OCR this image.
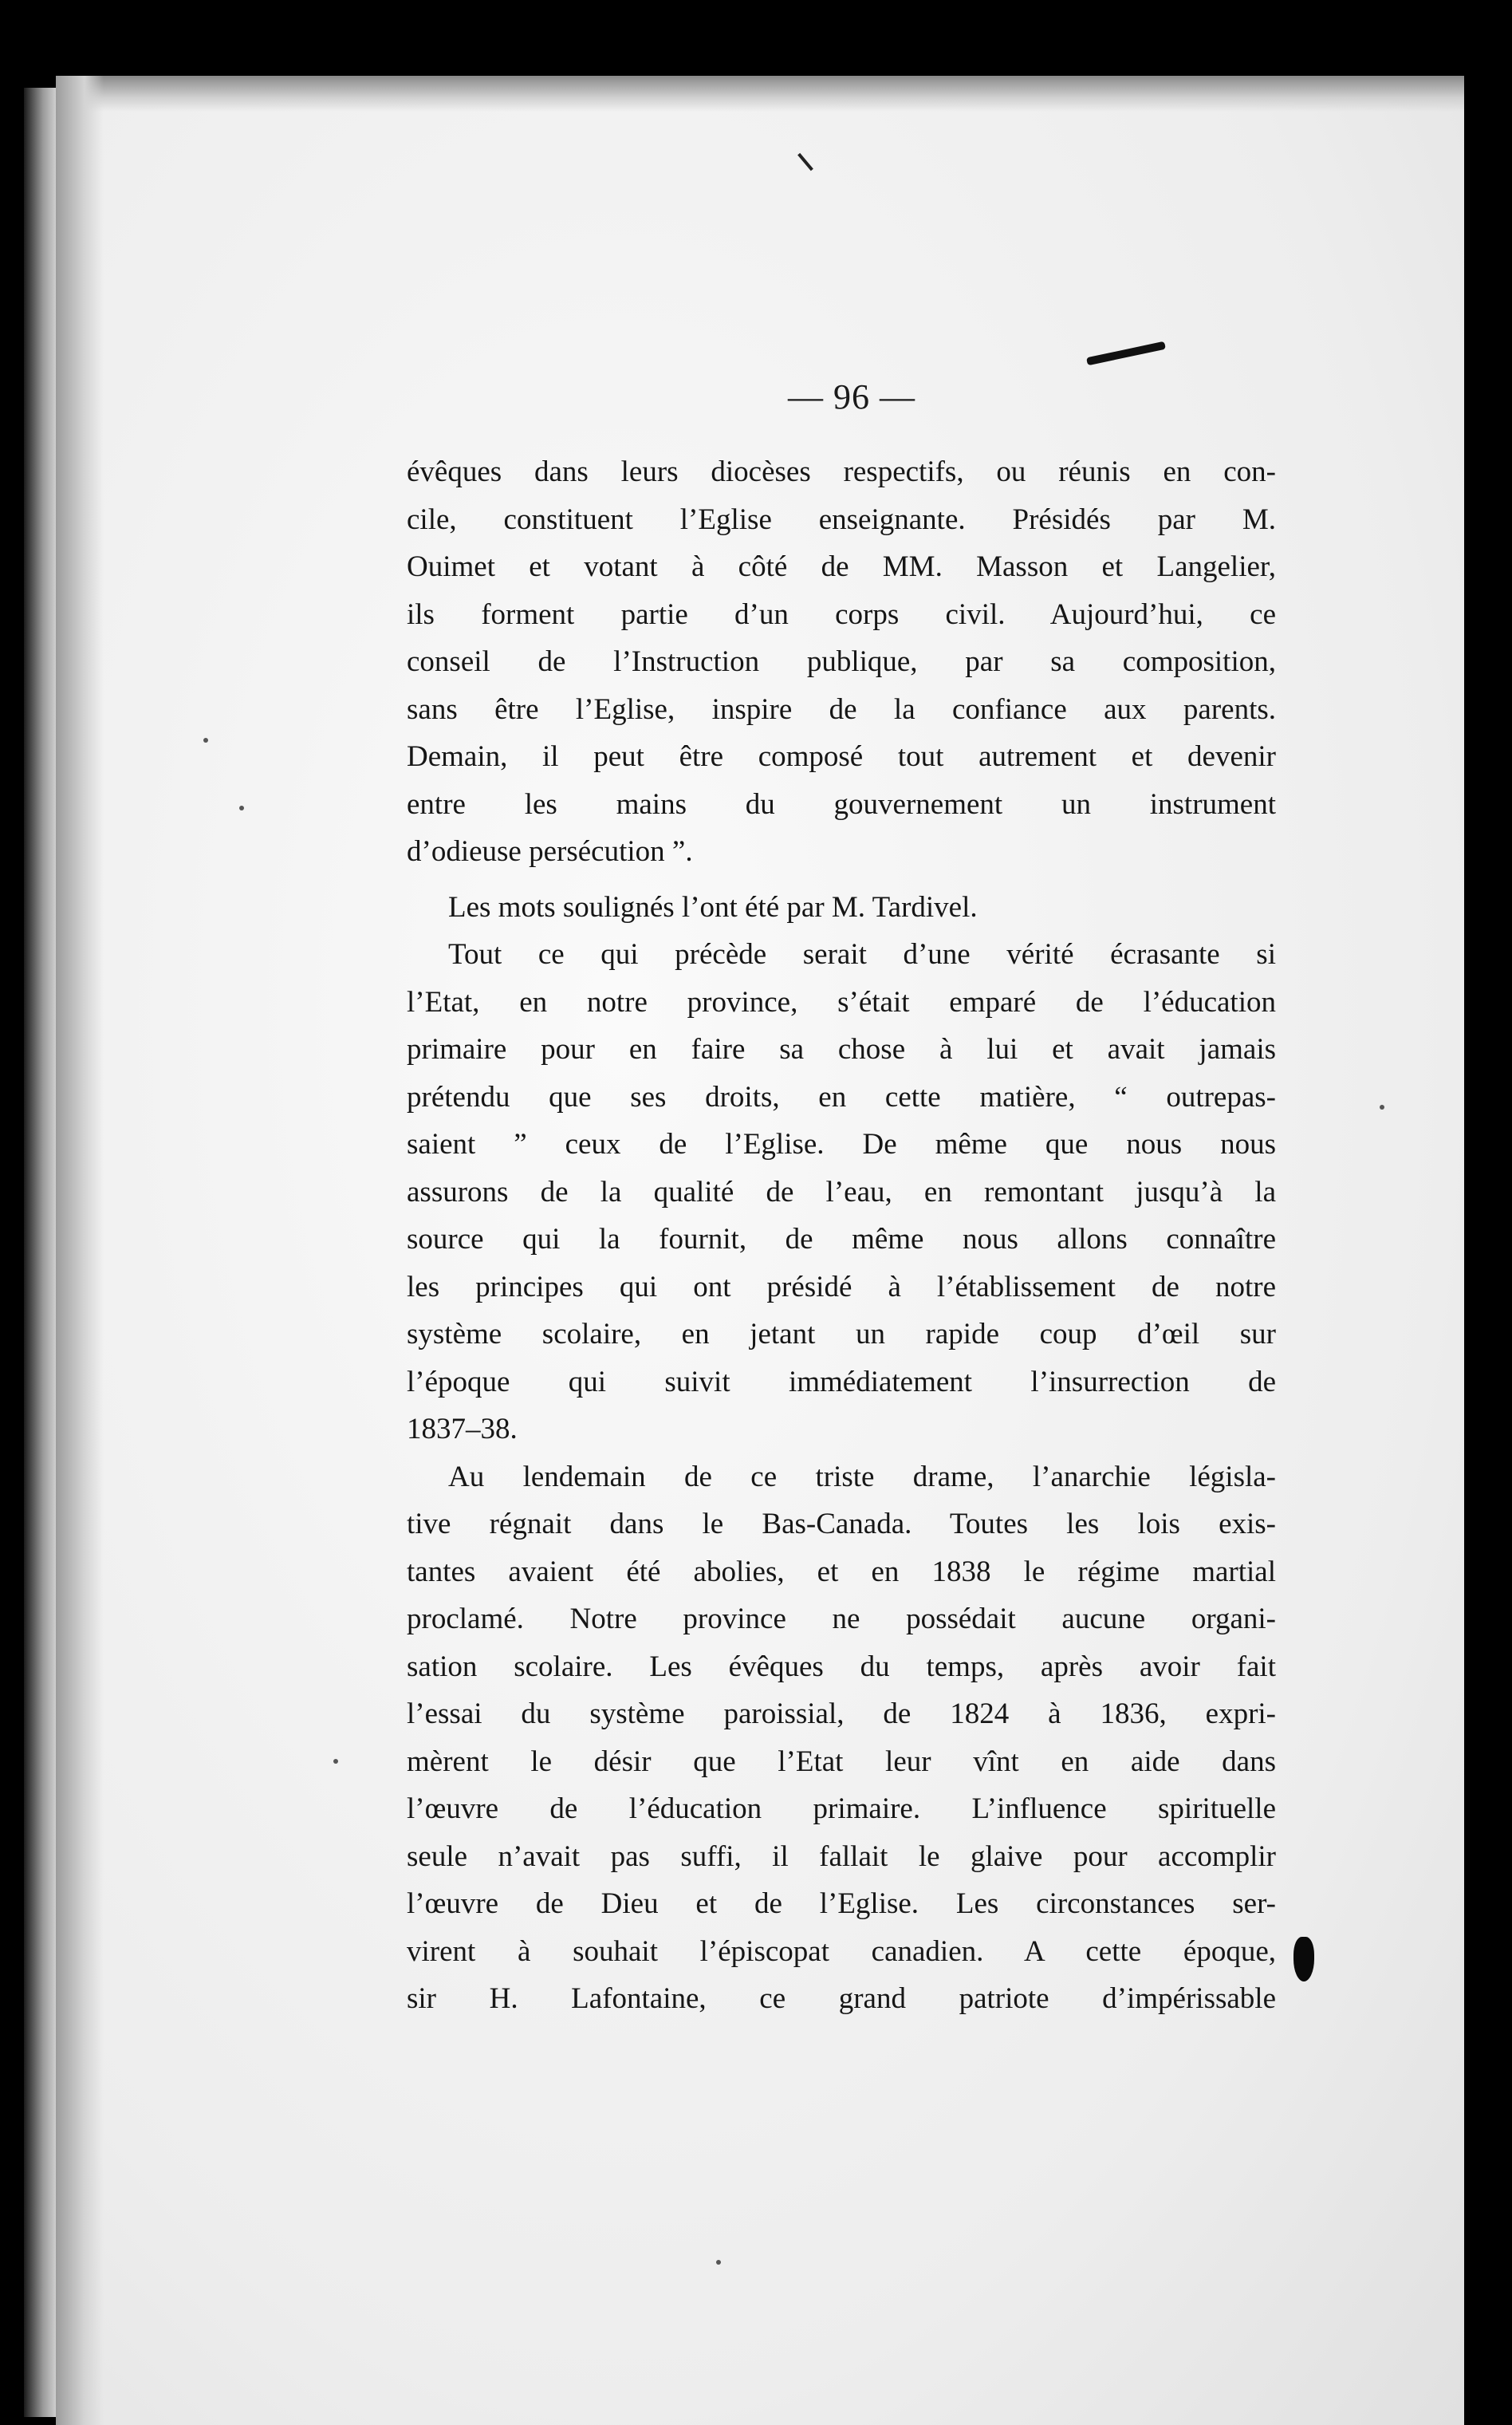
— 96 —
évêques dans leurs diocèses respectifs, ou réunis en con-
cile, constituent l’Eglise enseignante. Présidés par M.
Ouimet et votant à côté de MM. Masson et Langelier,
ils forment partie d’un corps civil. Aujourd’hui, ce
conseil de l’Instruction publique, par sa composition,
sans être l’Eglise, inspire de la confiance aux parents.
Demain, il peut être composé tout autrement et devenir
entre les mains du gouvernement un instrument
d’odieuse persécution ”.
Les mots soulignés l’ont été par M. Tardivel.
Tout ce qui précède serait d’une vérité écrasante si
l’Etat, en notre province, s’était emparé de l’éducation
primaire pour en faire sa chose à lui et avait jamais
prétendu que ses droits, en cette matière, “ outrepas-
saient ” ceux de l’Eglise. De même que nous nous
assurons de la qualité de l’eau, en remontant jusqu’à la
source qui la fournit, de même nous allons connaître
les principes qui ont présidé à l’établissement de notre
système scolaire, en jetant un rapide coup d’œil sur
l’époque qui suivit immédiatement l’insurrection de
1837–38.
Au lendemain de ce triste drame, l’anarchie législa-
tive régnait dans le Bas-Canada. Toutes les lois exis-
tantes avaient été abolies, et en 1838 le régime martial
proclamé. Notre province ne possédait aucune organi-
sation scolaire. Les évêques du temps, après avoir fait
l’essai du système paroissial, de 1824 à 1836, expri-
mèrent le désir que l’Etat leur vînt en aide dans
l’œuvre de l’éducation primaire. L’influence spirituelle
seule n’avait pas suffi, il fallait le glaive pour accomplir
l’œuvre de Dieu et de l’Eglise. Les circonstances ser-
virent à souhait l’épiscopat canadien. A cette époque,
sir H. Lafontaine, ce grand patriote d’impérissable
